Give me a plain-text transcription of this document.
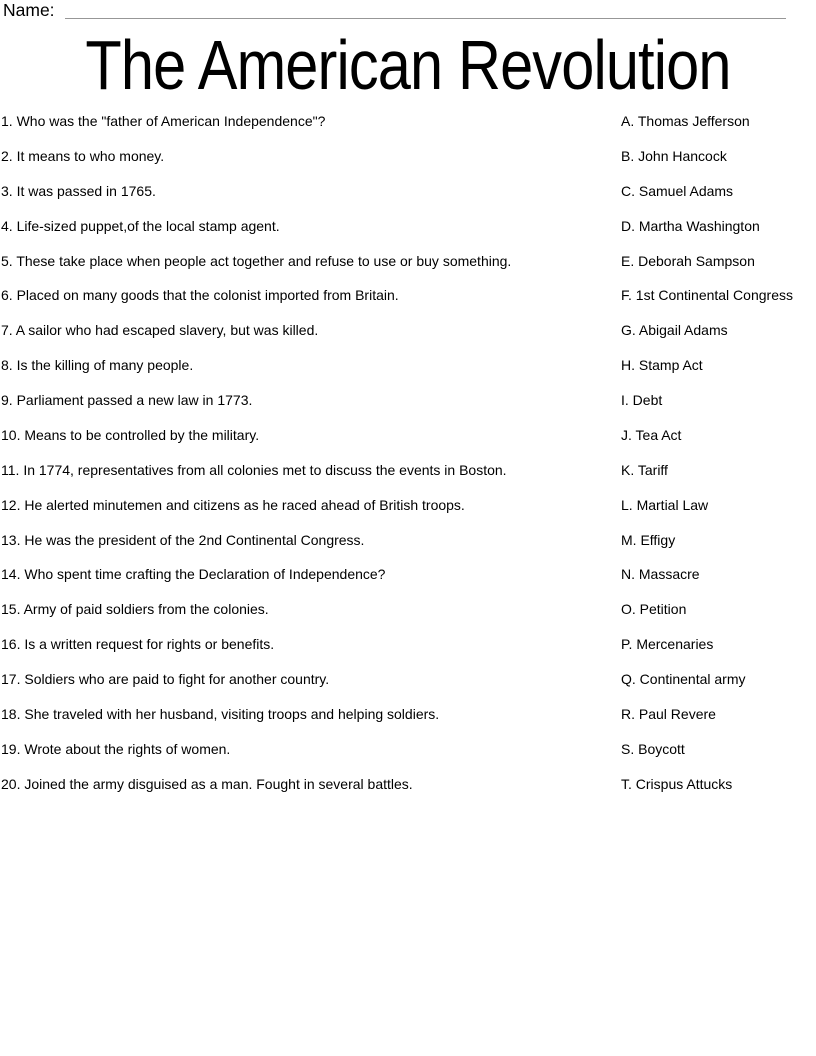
Name:
The American Revolution
1. Who was the "father of American Independence"?	A. Thomas Jefferson
2. It means to who money.	B. John Hancock
3. It was passed in 1765.	C. Samuel Adams
4. Life-sized puppet,of the local stamp agent.	D. Martha Washington
5. These take place when people act together and refuse to use or buy something.	E. Deborah Sampson
6. Placed on many goods that the colonist imported from Britain.	F. 1st Continental Congress
7. A sailor who had escaped slavery, but was killed.	G. Abigail Adams
8. Is the killing of many people.	H. Stamp Act
9. Parliament passed a new law in 1773.	I. Debt
10. Means to be controlled by the military.	J. Tea Act
11. In 1774, representatives from all colonies met to discuss the events in Boston.	K. Tariff
12. He alerted minutemen and citizens as he raced ahead of British troops.	L. Martial Law
13. He was the president of the 2nd Continental Congress.	M. Effigy
14. Who spent time crafting the Declaration of Independence?	N. Massacre
15. Army of paid soldiers from the colonies.	O. Petition
16. Is a written request for rights or benefits.	P. Mercenaries
17. Soldiers who are paid to fight for another country.	Q. Continental army
18. She traveled with her husband, visiting troops and helping soldiers.	R. Paul Revere
19. Wrote about the rights of women.	S. Boycott
20. Joined the army disguised as a man. Fought in several battles.	T. Crispus Attucks
